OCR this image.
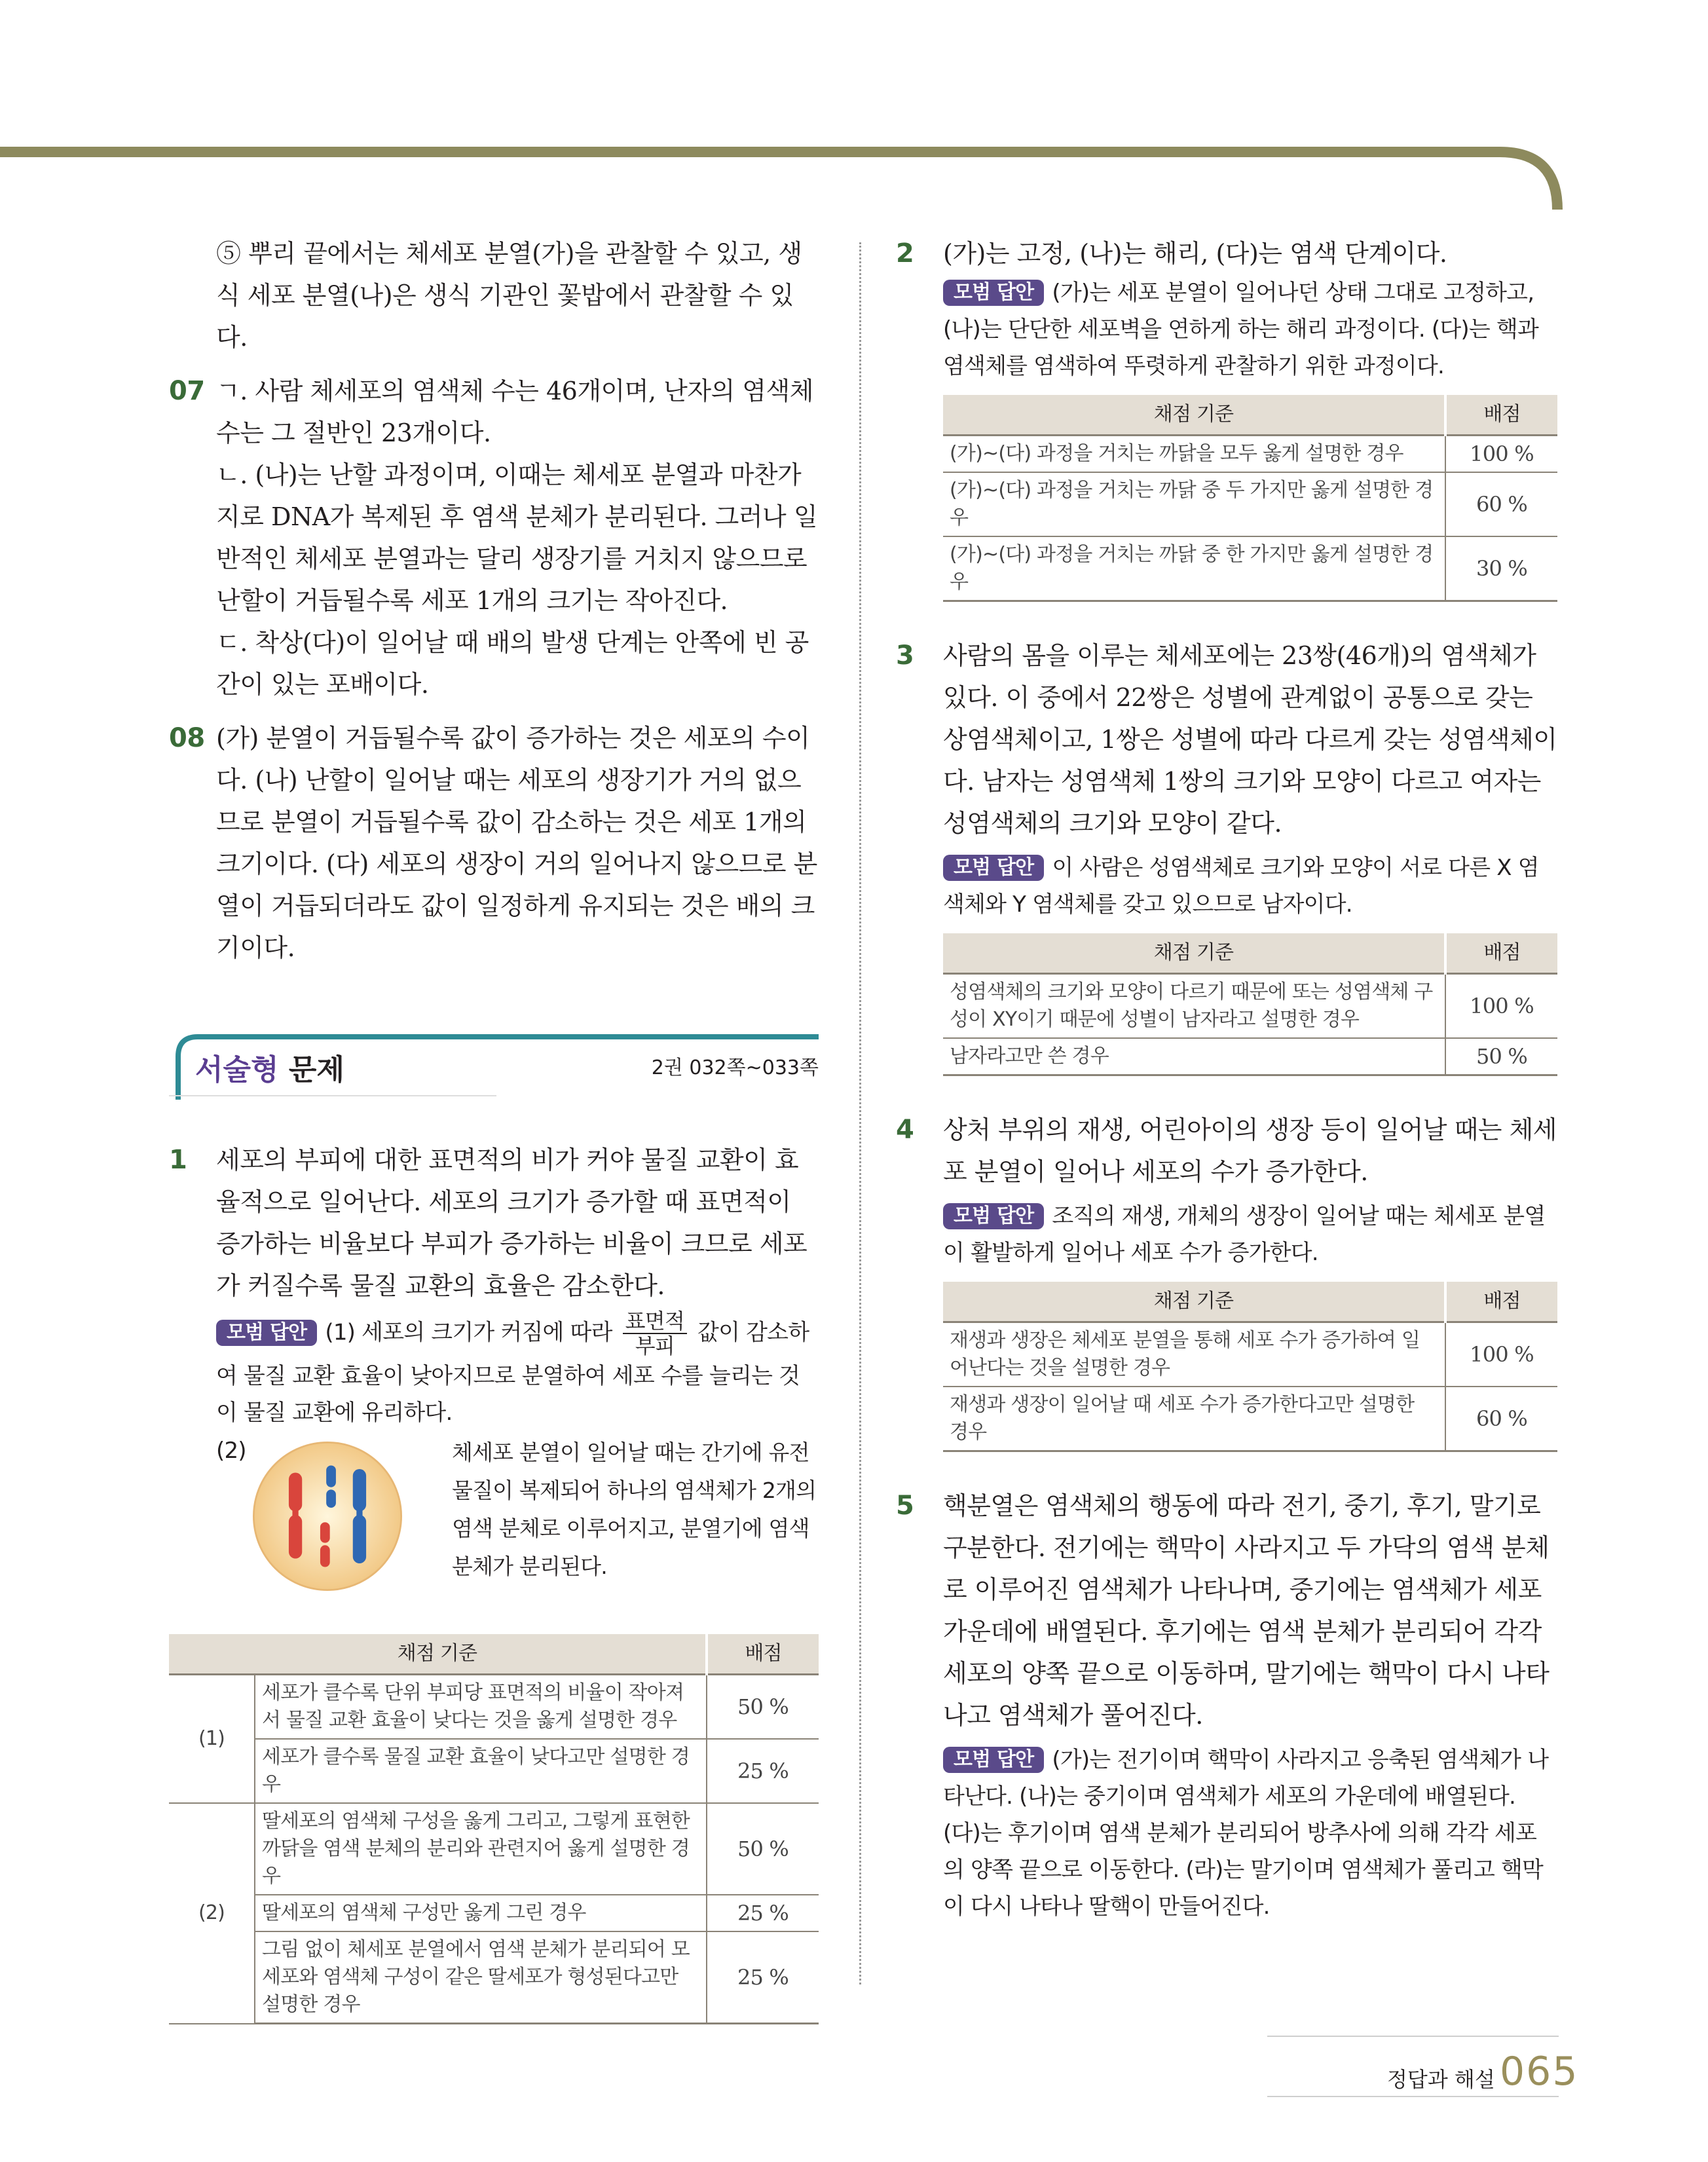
⑤ 뿌리 끝에서는 체세포 분열(가)을 관찰할 수 있고, 생식 세포 분열(나)은 생식 기관인 꽃밥에서 관찰할 수 있다.

07 ㄱ. 사람 체세포의 염색체 수는 46개이며, 난자의 염색체 수는 그 절반인 23개이다.

ㄴ. (나)는 난할 과정이며, 이때는 체세포 분열과 마찬가지로 DNA가 복제된 후 염색 분체가 분리된다. 그러나 일반적인 체세포 분열과는 달리 생장기를 거치지 않으므로 난할이 거듭될수록 세포 1개의 크기는 작아진다.

ㄷ. 착상(다)이 일어날 때 배의 발생 단계는 안쪽에 빈 공간이 있는 포배이다.

08 (가) 분열이 거듭될수록 값이 증가하는 것은 세포의 수이다. (나) 난할이 일어날 때는 세포의 생장기가 거의 없으므로 분열이 거듭될수록 값이 감소하는 것은 세포 1개의 크기이다. (다) 세포의 생장이 거의 일어나지 않으므로 분열이 거듭되더라도 값이 일정하게 유지되는 것은 배의 크기이다.

서술형 문제	2권 032쪽~033쪽
1 세포의 부피에 대한 표면적의 비가 커야 물질 교환이 효율적으로 일어난다. 세포의 크기가 증가할 때 표면적이 증가하는 비율보다 부피가 증가하는 비율이 크므로 세포가 커질수록 물질 교환의 효율은 감소한다.

모범 답안 (1) 세포의 크기가 커짐에 따라 $\frac{\text{표면적}}{\text{부피}}$ 값이 감소하여 물질 교환 효율이 낮아지므로 분열하여 세포 수를 늘리는 것이 물질 교환에 유리하다.

(2)	체세포 분열이 일어날 때는 간기에 유전 물질이 복제되어 하나의 염색체가 2개의 염색 분체로 이루어지고, 분열기에 염색 분체가 분리된다.

채점 기준		배점
(1)	세포가 클수록 단위 부피당 표면적의 비율이 작아져서 물질 교환 효율이 낮다는 것을 옳게 설명한 경우	50 %
	세포가 클수록 물질 교환 효율이 낮다고만 설명한 경우	25 %
(2)	딸세포의 염색체 구성을 옳게 그리고, 그렇게 표현한 까닭을 염색 분체의 분리와 관련지어 옳게 설명한 경우	50 %
	딸세포의 염색체 구성만 옳게 그린 경우	25 %
	그림 없이 체세포 분열에서 염색 분체가 분리되어 모세포와 염색체 구성이 같은 딸세포가 형성된다고만 설명한 경우	25 %
2 (가)는 고정, (나)는 해리, (다)는 염색 단계이다.

모범 답안 (가)는 세포 분열이 일어나던 상태 그대로 고정하고, (나)는 단단한 세포벽을 연하게 하는 해리 과정이다. (다)는 핵과 염색체를 염색하여 뚜렷하게 관찰하기 위한 과정이다.

채점 기준	배점
(가)~(다) 과정을 거치는 까닭을 모두 옳게 설명한 경우	100 %
(가)~(다) 과정을 거치는 까닭 중 두 가지만 옳게 설명한 경우	60 %
(가)~(다) 과정을 거치는 까닭 중 한 가지만 옳게 설명한 경우	30 %
3 사람의 몸을 이루는 체세포에는 23쌍(46개)의 염색체가 있다. 이 중에서 22쌍은 성별에 관계없이 공통으로 갖는 상염색체이고, 1쌍은 성별에 따라 다르게 갖는 성염색체이다. 남자는 성염색체 1쌍의 크기와 모양이 다르고 여자는 성염색체의 크기와 모양이 같다.

모범 답안 이 사람은 성염색체로 크기와 모양이 서로 다른 X 염색체와 Y 염색체를 갖고 있으므로 남자이다.

채점 기준	배점
성염색체의 크기와 모양이 다르기 때문에 또는 성염색체 구성이 XY이기 때문에 성별이 남자라고 설명한 경우	100 %
남자라고만 쓴 경우	50 %
4 상처 부위의 재생, 어린아이의 생장 등이 일어날 때는 체세포 분열이 일어나 세포의 수가 증가한다.

모범 답안 조직의 재생, 개체의 생장이 일어날 때는 체세포 분열이 활발하게 일어나 세포 수가 증가한다.

채점 기준	배점
재생과 생장은 체세포 분열을 통해 세포 수가 증가하여 일어난다는 것을 설명한 경우	100 %
재생과 생장이 일어날 때 세포 수가 증가한다고만 설명한 경우	60 %
5 핵분열은 염색체의 행동에 따라 전기, 중기, 후기, 말기로 구분한다. 전기에는 핵막이 사라지고 두 가닥의 염색 분체로 이루어진 염색체가 나타나며, 중기에는 염색체가 세포 가운데에 배열된다. 후기에는 염색 분체가 분리되어 각각 세포의 양쪽 끝으로 이동하며, 말기에는 핵막이 다시 나타나고 염색체가 풀어진다.

모범 답안 (가)는 전기이며 핵막이 사라지고 응축된 염색체가 나타난다. (나)는 중기이며 염색체가 세포의 가운데에 배열된다. (다)는 후기이며 염색 분체가 분리되어 방추사에 의해 각각 세포의 양쪽 끝으로 이동한다. (라)는 말기이며 염색체가 풀리고 핵막이 다시 나타나 딸핵이 만들어진다.

정답과 해설 065
